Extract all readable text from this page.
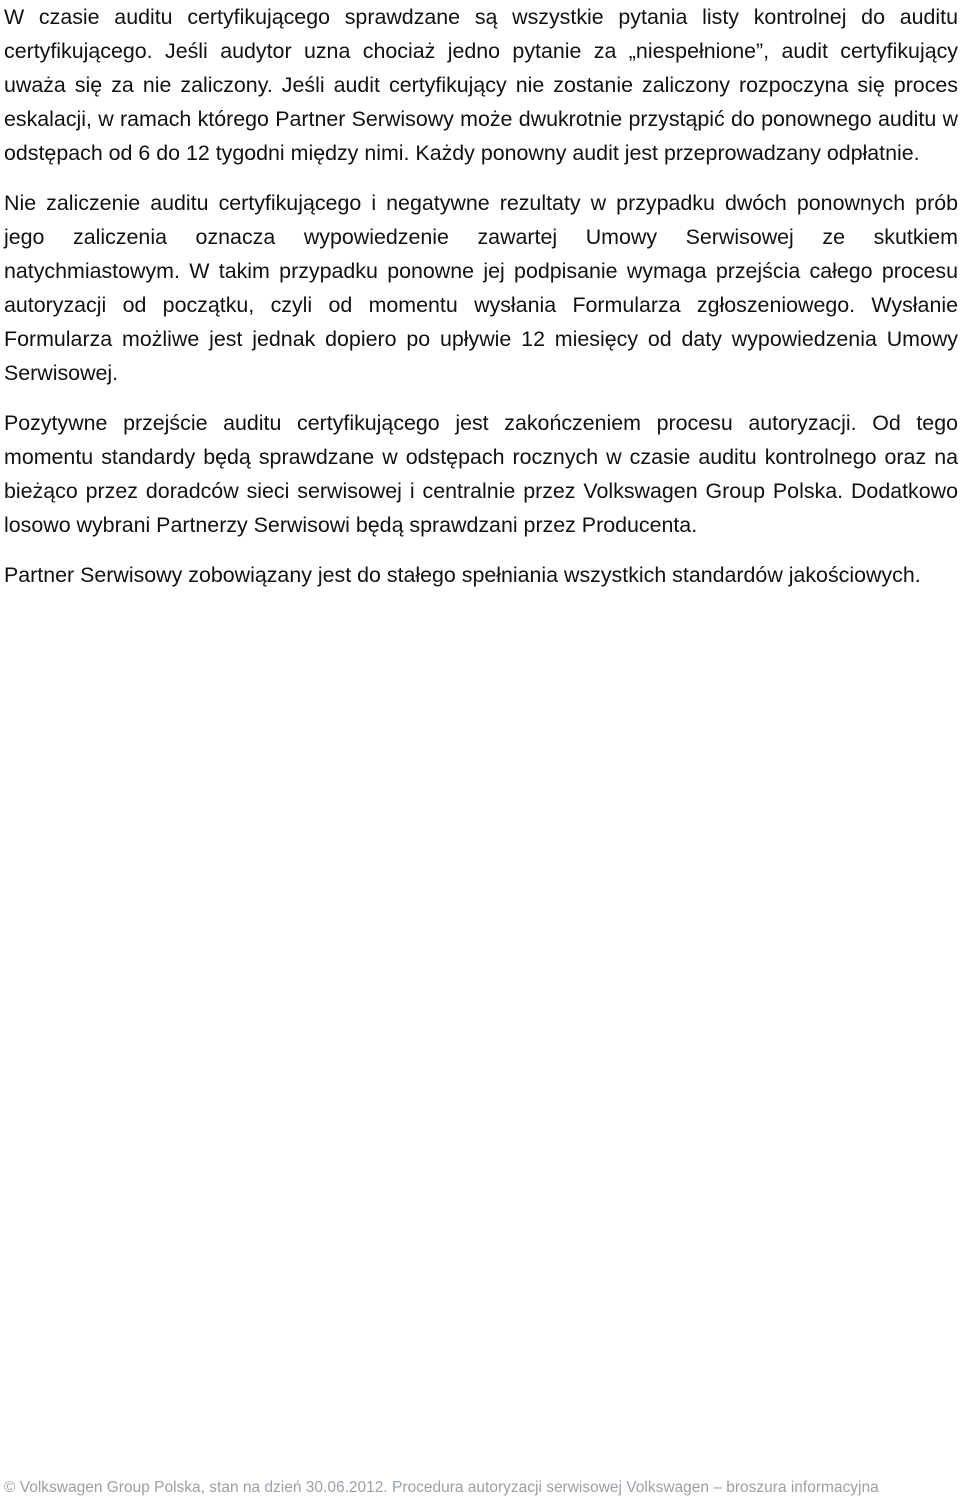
W czasie auditu certyfikującego sprawdzane są wszystkie pytania listy kontrolnej do auditu certyfikującego. Jeśli audytor uzna chociaż jedno pytanie za „niespełnione”, audit certyfikujący uważa się za nie zaliczony. Jeśli audit certyfikujący nie zostanie zaliczony rozpoczyna się proces eskalacji, w ramach którego Partner Serwisowy może dwukrotnie przystąpić do ponownego auditu w odstępach od 6 do 12 tygodni między nimi. Każdy ponowny audit jest przeprowadzany odpłatnie.

Nie zaliczenie auditu certyfikującego i negatywne rezultaty w przypadku dwóch ponownych prób jego zaliczenia oznacza wypowiedzenie zawartej Umowy Serwisowej ze skutkiem natychmiastowym. W takim przypadku ponowne jej podpisanie wymaga przejścia całego procesu autoryzacji od początku, czyli od momentu wysłania Formularza zgłoszeniowego. Wysłanie Formularza możliwe jest jednak dopiero po upływie 12 miesięcy od daty wypowiedzenia Umowy Serwisowej.

Pozytywne przejście auditu certyfikującego jest zakończeniem procesu autoryzacji. Od tego momentu standardy będą sprawdzane w odstępach rocznych w czasie auditu kontrolnego oraz na bieżąco przez doradców sieci serwisowej i centralnie przez Volkswagen Group Polska. Dodatkowo losowo wybrani Partnerzy Serwisowi będą sprawdzani przez Producenta.

Partner Serwisowy zobowiązany jest do stałego spełniania wszystkich standardów jakościowych.

© Volkswagen Group Polska, stan na dzień 30.06.2012. Procedura autoryzacji serwisowej Volkswagen – broszura informacyjna
